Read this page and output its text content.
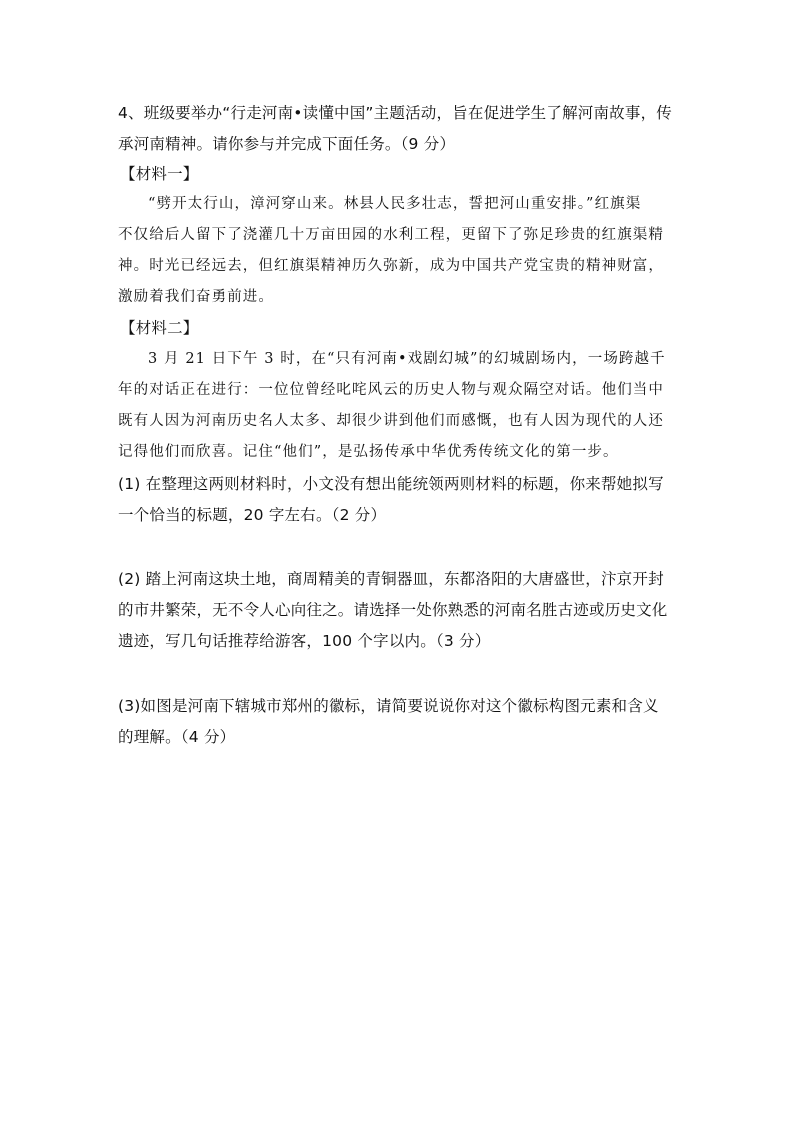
4、班级要举办“行走河南•读懂中国”主题活动，旨在促进学生了解河南故事，传
承河南精神。请你参与并完成下面任务。（9 分）
【材料一】
“劈开太行山，漳河穿山来。林县人民多壮志，誓把河山重安排。”红旗渠
不仅给后人留下了浇灌几十万亩田园的水利工程，更留下了弥足珍贵的红旗渠精
神。时光已经远去，但红旗渠精神历久弥新，成为中国共产党宝贵的精神财富，
激励着我们奋勇前进。
【材料二】
3 月 21 日下午 3 时，在“只有河南•戏剧幻城”的幻城剧场内，一场跨越千
年的对话正在进行：一位位曾经叱咤风云的历史人物与观众隔空对话。他们当中
既有人因为河南历史名人太多、却很少讲到他们而感慨，也有人因为现代的人还
记得他们而欣喜。记住“他们”，是弘扬传承中华优秀传统文化的第一步。
(1) 在整理这两则材料时，小文没有想出能统领两则材料的标题，你来帮她拟写
一个恰当的标题，20 字左右。（2 分）
(2) 踏上河南这块土地，商周精美的青铜器皿，东都洛阳的大唐盛世，汴京开封
的市井繁荣，无不令人心向往之。请选择一处你熟悉的河南名胜古迹或历史文化
遗迹，写几句话推荐给游客，100 个字以内。（3 分）
(3)如图是河南下辖城市郑州的徽标，请简要说说你对这个徽标构图元素和含义
的理解。（4 分）
